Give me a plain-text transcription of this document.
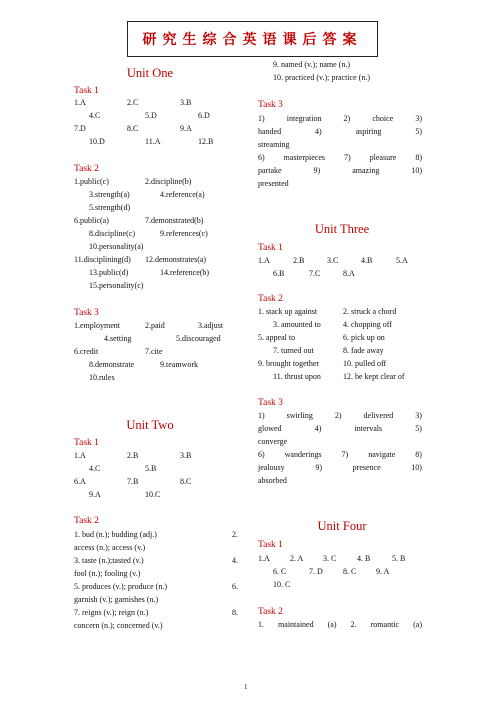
研究生综合英语课后答案
Unit One
Task 1
1.A	2.C	3.B
4.C	5.D	6.D
7.D	8.C	9.A
10.D	11.A	12.B
Task 2
1.public(c)	2.discipline(b)
3.strength(a)	4.reference(a)
5.strength(d)
6.public(a)	7.demonstrated(b)
8.discipline(c)	9.references(c)
10.personality(a)
11.disciplining(d) 12.demonstrates(a)
13.public(d)	14.reference(b)
15.personality(c)
Task 3
1.employment	2.paid	3.adjust
4.setting	5.discouraged
6.credit	7.cite
8.demonstrate	9.teamwork
10.rules
Unit Two
Task 1
1.A	2.B	3.B
4.C	5.B
6.A	7.B	8.C
9.A	10.C
Task 2
1. bud (n.); budding (adj.)	2.
access (n.); access (v.)
3. taste (n.);tasted (v.)	4.
fool (n.); fooling (v.)
5. produces (v.); produce (n.)	6.
garnish (v.); garnishes (n.)
7. reigns (v.); reign (n.)	8.
concern (n.); concerned (v.)
9. named (v.); name (n.)
10. practiced (v.); practice (n.)
Task 3
1)	integration	2)	choice	3)
handed	4)	aspiring	5)
streaming
6) masterpieces 7) pleasure 8)
partake	9)	amazing	10)
presented
Unit Three
Task 1
1.A	2.B	3.C	4.B	5.A
6.B	7.C	8.A
Task 2
1. stack up against	2. struck a chord
3. amounted to	4. chopping off
5. appeal to	6. pick up on
7. turned out	8. fade away
9. brought together	10. pulled off
11. thrust upon	12. be kept clear of
Task 3
1)	swirling	2)	delivered	3)
glowed	4)	intervals	5)
converge
6) wanderings 7) navigate 8)
jealousy	9)	presence	10)
absorbed
Unit Four
Task 1
1.A	2. A 3. C	4. B	5. B
6. C	7. D	8. C 9. A
10. C
Task 2
1. maintained (a) 2. romantic (a)
1
